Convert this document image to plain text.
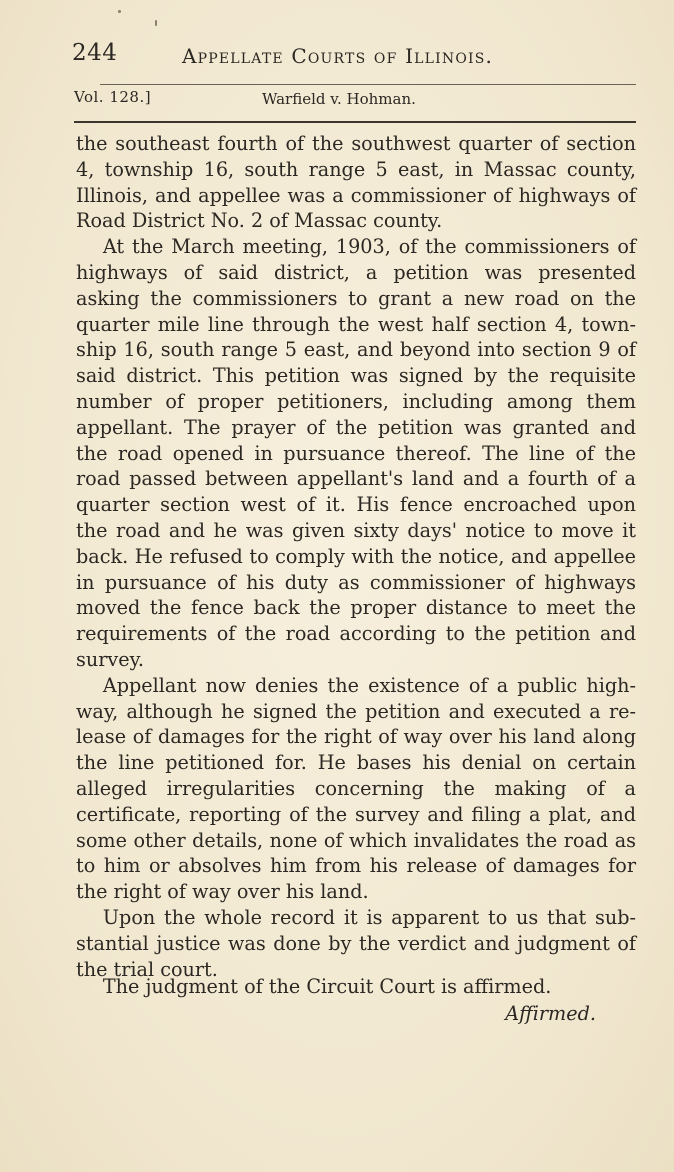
244	Appellate Courts of Illinois.
Vol. 128.]	Warfield v. Hohman.

the southeast fourth of the southwest quarter of section 4, township 16, south range 5 east, in Massac county, Illinois, and appellee was a commissioner of highways of Road District No. 2 of Massac county.

At the March meeting, 1903, of the commissioners of highways of said district, a petition was presented asking the commissioners to grant a new road on the quarter mile line through the west half section 4, township 16, south range 5 east, and beyond into section 9 of said district. This petition was signed by the requisite number of proper petitioners, including among them appellant. The prayer of the petition was granted and the road opened in pursuance thereof. The line of the road passed between appellant's land and a fourth of a quarter section west of it. His fence encroached upon the road and he was given sixty days' notice to move it back. He refused to comply with the notice, and appellee in pursuance of his duty as commissioner of highways moved the fence back the proper distance to meet the requirements of the road according to the petition and survey.

Appellant now denies the existence of a public highway, although he signed the petition and executed a release of damages for the right of way over his land along the line petitioned for. He bases his denial on certain alleged irregularities concerning the making of a certificate, reporting of the survey and filing a plat, and some other details, none of which invalidates the road as to him or absolves him from his release of damages for the right of way over his land.

Upon the whole record it is apparent to us that substantial justice was done by the verdict and judgment of the trial court.

The judgment of the Circuit Court is affirmed.
Affirmed.
